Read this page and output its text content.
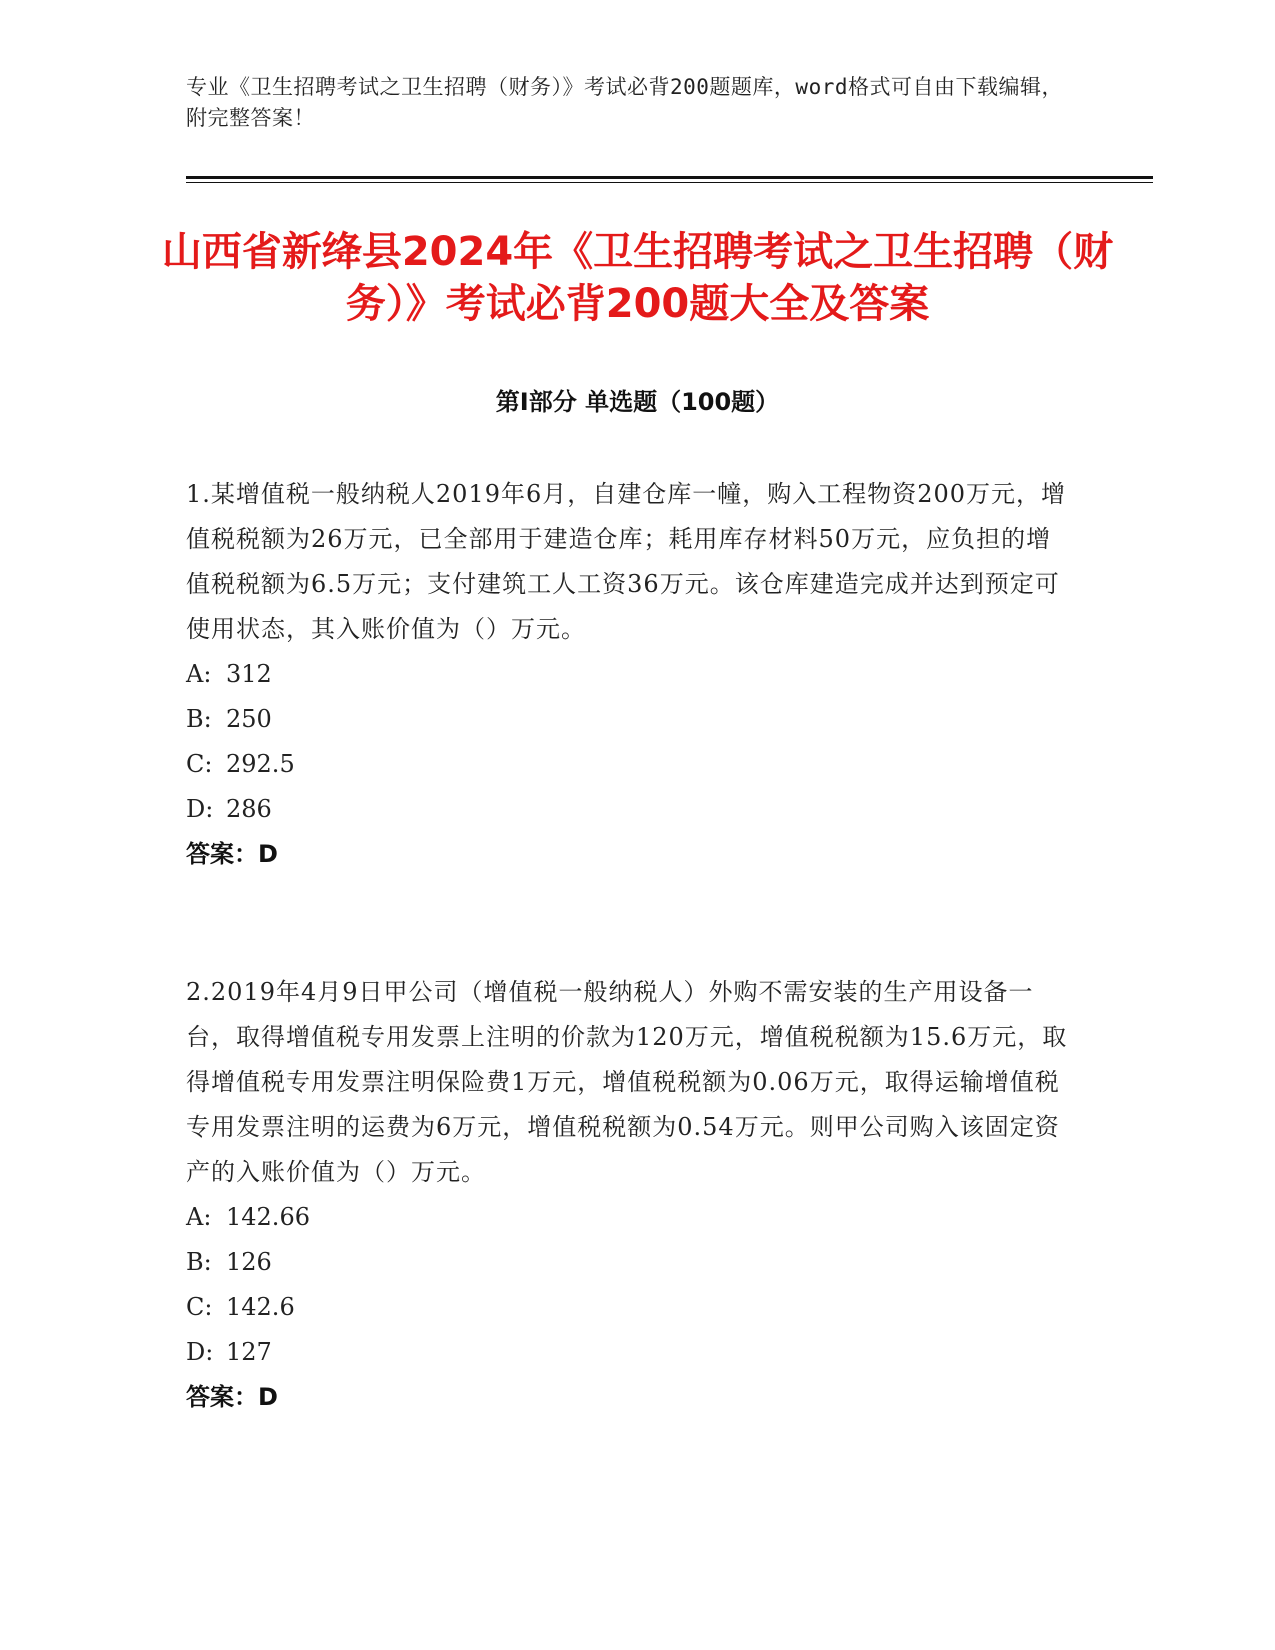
专业《卫生招聘考试之卫生招聘（财务）》考试必背200题题库，word格式可自由下载编辑，附完整答案！
山西省新绛县2024年《卫生招聘考试之卫生招聘（财务）》考试必背200题大全及答案
第I部分 单选题（100题）

1.某增值税一般纳税人2019年6月，自建仓库一幢，购入工程物资200万元，增值税税额为26万元，已全部用于建造仓库；耗用库存材料50万元，应负担的增值税税额为6.5万元；支付建筑工人工资36万元。该仓库建造完成并达到预定可使用状态，其入账价值为（）万元。

A: 312

B: 250

C: 292.5

D: 286

答案：D

2.2019年4月9日甲公司（增值税一般纳税人）外购不需安装的生产用设备一台，取得增值税专用发票上注明的价款为120万元，增值税税额为15.6万元，取得增值税专用发票注明保险费1万元，增值税税额为0.06万元，取得运输增值税专用发票注明的运费为6万元，增值税税额为0.54万元。则甲公司购入该固定资产的入账价值为（）万元。

A: 142.66

B: 126

C: 142.6

D: 127

答案：D
